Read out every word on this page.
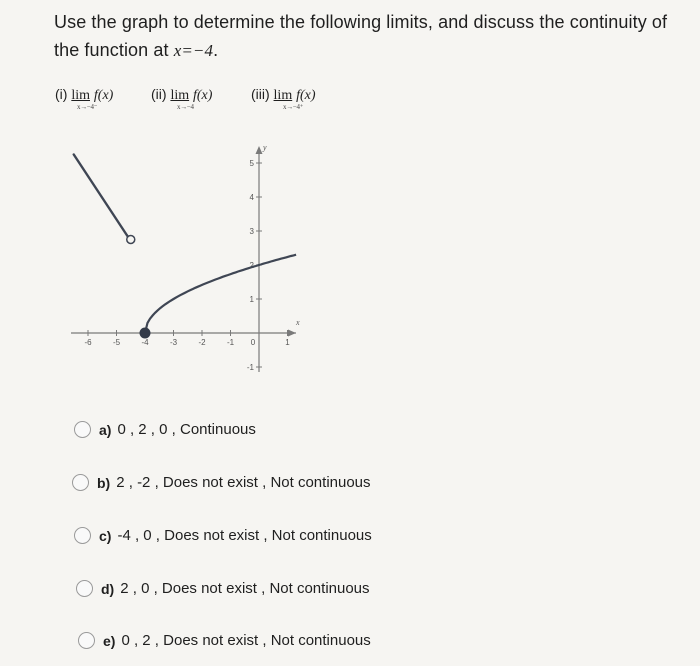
Use the graph to determine the following limits, and discuss the continuity of the function at x=−4.
(i) lim f(x)
x→−4⁻
(ii) lim f(x)
x→−4
(iii) lim f(x)
x→−4⁺
x
y
-6	-5	-4	-3	-2	-1 0	1
-1
1
2
3
4
5
a) 0 , 2 , 0 , Continuous
b) 2 , -2 , Does not exist , Not continuous
c) -4 , 0 , Does not exist , Not continuous
d) 2 , 0 , Does not exist , Not continuous
e) 0 , 2 , Does not exist , Not continuous
